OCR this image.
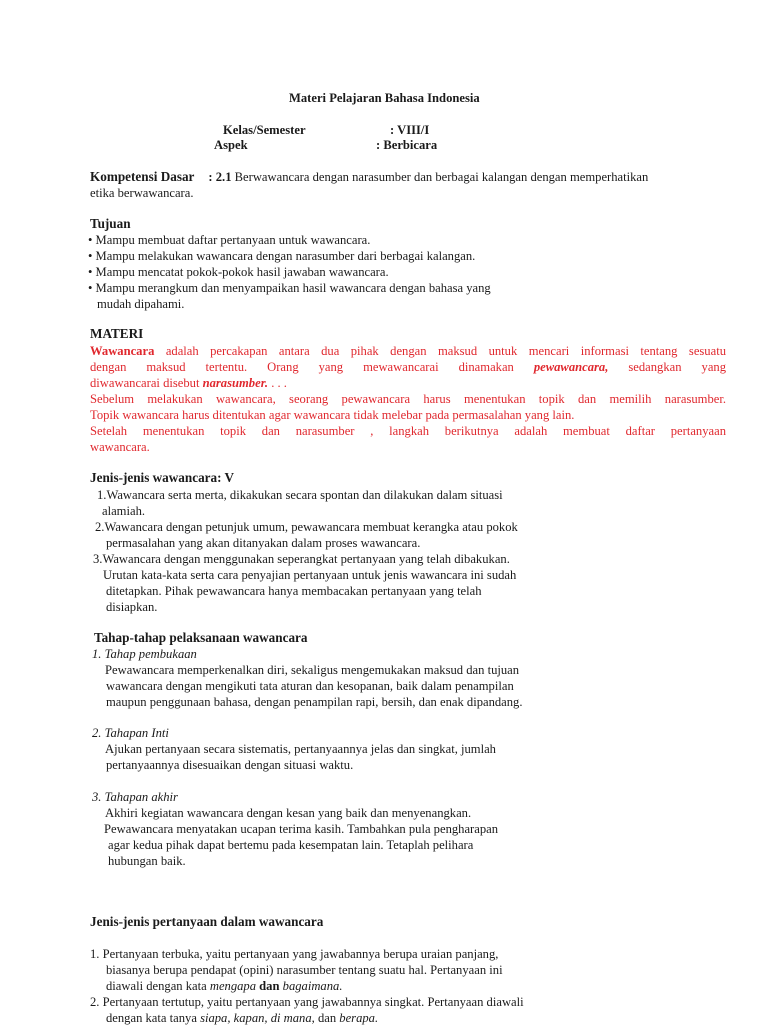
Materi Pelajaran Bahasa Indonesia
Kelas/Semester	: VIII/I
Aspek	: Berbicara
Kompetensi Dasar : 2.1 Berwawancara dengan narasumber dan berbagai kalangan dengan memperhatikan
etika berwawancara.
Tujuan
• Mampu membuat daftar pertanyaan untuk wawancara.
• Mampu melakukan wawancara dengan narasumber dari berbagai kalangan.
• Mampu mencatat pokok-pokok hasil jawaban wawancara.
• Mampu merangkum dan menyampaikan hasil wawancara dengan bahasa yang
mudah dipahami.
MATERI
Wawancara adalah percakapan antara dua pihak dengan maksud untuk mencari informasi tentang sesuatu
dengan maksud tertentu. Orang yang mewawancarai dinamakan pewawancara, sedangkan yang
diwawancarai disebut narasumber. . . .
Sebelum melakukan wawancara, seorang pewawancara harus menentukan topik dan memilih narasumber.
Topik wawancara harus ditentukan agar wawancara tidak melebar pada permasalahan yang lain.
Setelah menentukan topik dan narasumber , langkah berikutnya adalah membuat daftar pertanyaan
wawancara.
Jenis-jenis wawancara: V
1.Wawancara serta merta, dikakukan secara spontan dan dilakukan dalam situasi
alamiah.
2.Wawancara dengan petunjuk umum, pewawancara membuat kerangka atau pokok
permasalahan yang akan ditanyakan dalam proses wawancara.
3.Wawancara dengan menggunakan seperangkat pertanyaan yang telah dibakukan.
Urutan kata-kata serta cara penyajian pertanyaan untuk jenis wawancara ini sudah
ditetapkan. Pihak pewawancara hanya membacakan pertanyaan yang telah
disiapkan.
Tahap-tahap pelaksanaan wawancara
1. Tahap pembukaan
Pewawancara memperkenalkan diri, sekaligus mengemukakan maksud dan tujuan
wawancara dengan mengikuti tata aturan dan kesopanan, baik dalam penampilan
maupun penggunaan bahasa, dengan penampilan rapi, bersih, dan enak dipandang.
2. Tahapan Inti
Ajukan pertanyaan secara sistematis, pertanyaannya jelas dan singkat, jumlah
pertanyaannya disesuaikan dengan situasi waktu.
3. Tahapan akhir
Akhiri kegiatan wawancara dengan kesan yang baik dan menyenangkan.
Pewawancara menyatakan ucapan terima kasih. Tambahkan pula pengharapan
agar kedua pihak dapat bertemu pada kesempatan lain. Tetaplah pelihara
hubungan baik.
Jenis-jenis pertanyaan dalam wawancara
1. Pertanyaan terbuka, yaitu pertanyaan yang jawabannya berupa uraian panjang,
biasanya berupa pendapat (opini) narasumber tentang suatu hal. Pertanyaan ini
diawali dengan kata mengapa dan bagaimana.
2. Pertanyaan tertutup, yaitu pertanyaan yang jawabannya singkat. Pertanyaan diawali
dengan kata tanya siapa, kapan, di mana, dan berapa.
